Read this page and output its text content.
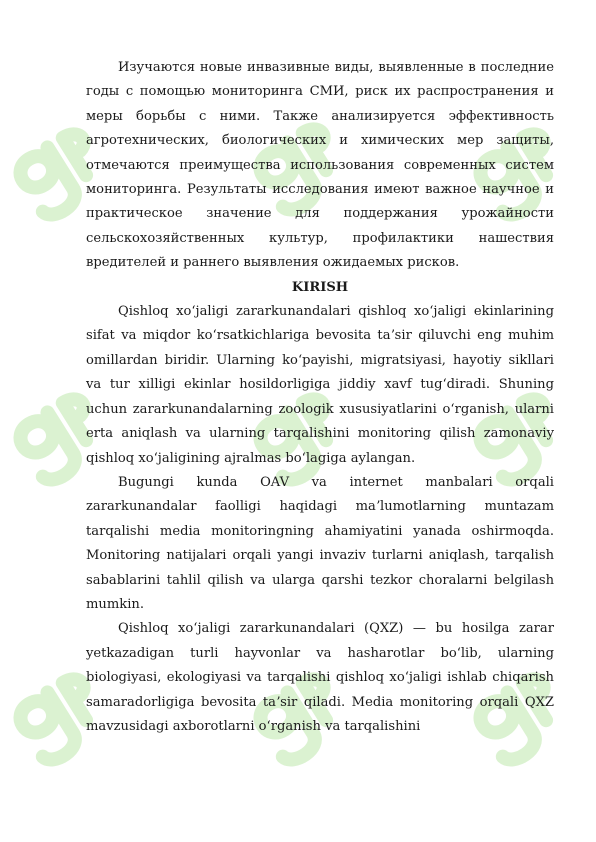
Изучаются новые инвазивные виды, выявленные в последние годы с помощью мониторинга СМИ, риск их распространения и меры борьбы с ними. Также анализируется эффективность агротехнических, биологических и химических мер защиты, отмечаются преимущества использования современных систем мониторинга. Результаты исследования имеют важное научное и практическое значение для поддержания урожайности сельскохозяйственных культур, профилактики нашествия вредителей и раннего выявления ожидаемых рисков.

KIRISH

Qishloq xoʻjaligi zararkunandalari qishloq xoʻjaligi ekinlarining sifat va miqdor koʻrsatkichlariga bevosita taʼsir qiluvchi eng muhim omillardan biridir. Ularning koʻpayishi, migratsiyasi, hayotiy sikllari va tur xilligi ekinlar hosildorligiga jiddiy xavf tugʻdiradi. Shuning uchun zararkunandalarning zoologik xususiyatlarini oʻrganish, ularni erta aniqlash va ularning tarqalishini monitoring qilish zamonaviy qishloq xoʻjaligining ajralmas boʻlagiga aylangan.

Bugungi kunda OAV va internet manbalari orqali zararkunandalar faolligi haqidagi maʼlumotlarning muntazam tarqalishi media monitoringning ahamiyatini yanada oshirmoqda. Monitoring natijalari orqali yangi invaziv turlarni aniqlash, tarqalish sabablarini tahlil qilish va ularga qarshi tezkor choralarni belgilash mumkin.

Qishloq xoʻjaligi zararkunandalari (QXZ) — bu hosilga zarar yetkazadigan turli hayvonlar va hasharotlar boʻlib, ularning biologiyasi, ekologiyasi va tarqalishi qishloq xoʻjaligi ishlab chiqarish samaradorligiga bevosita taʼsir qiladi. Media monitoring orqali QXZ mavzusidagi axborotlarni oʻrganish va tarqalishini
